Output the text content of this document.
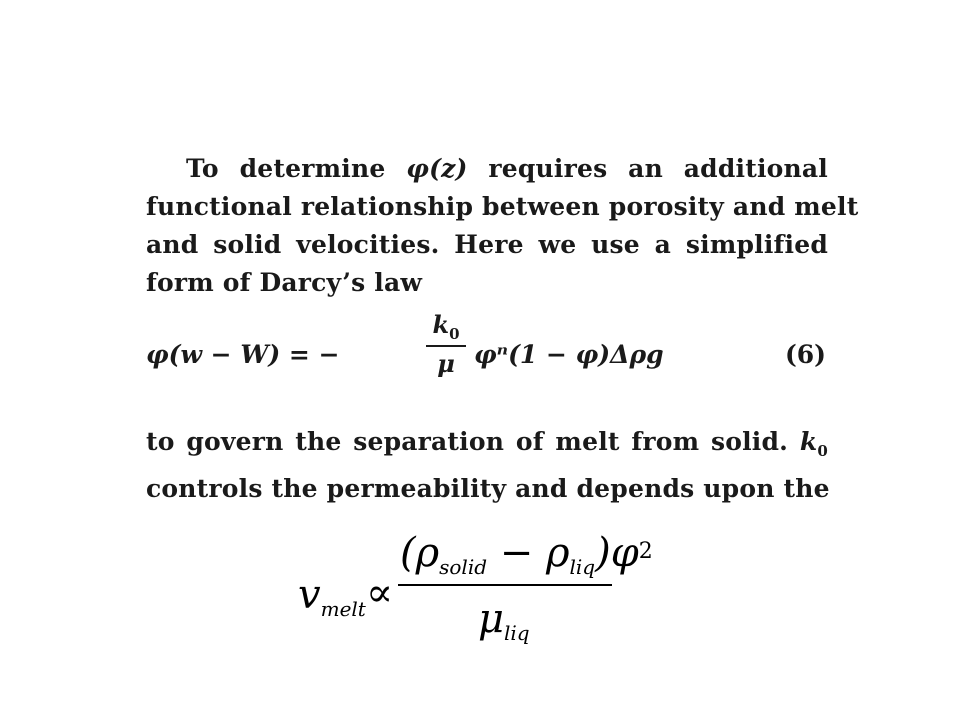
To determine φ(z) requires an additional
functional relationship between porosity and melt
and solid velocities. Here we use a simplified
form of Darcy’s law
φ(w − W) = −
$k_0$
μ φⁿ(1 − φ)Δρg	(6)
to govern the separation of melt from solid. $k_0$
controls the permeability and depends upon the
$v_{melt}$ ∝
$(\rho_{solid} - \rho_{liq})\varphi^2$
$\mu_{liq}$
